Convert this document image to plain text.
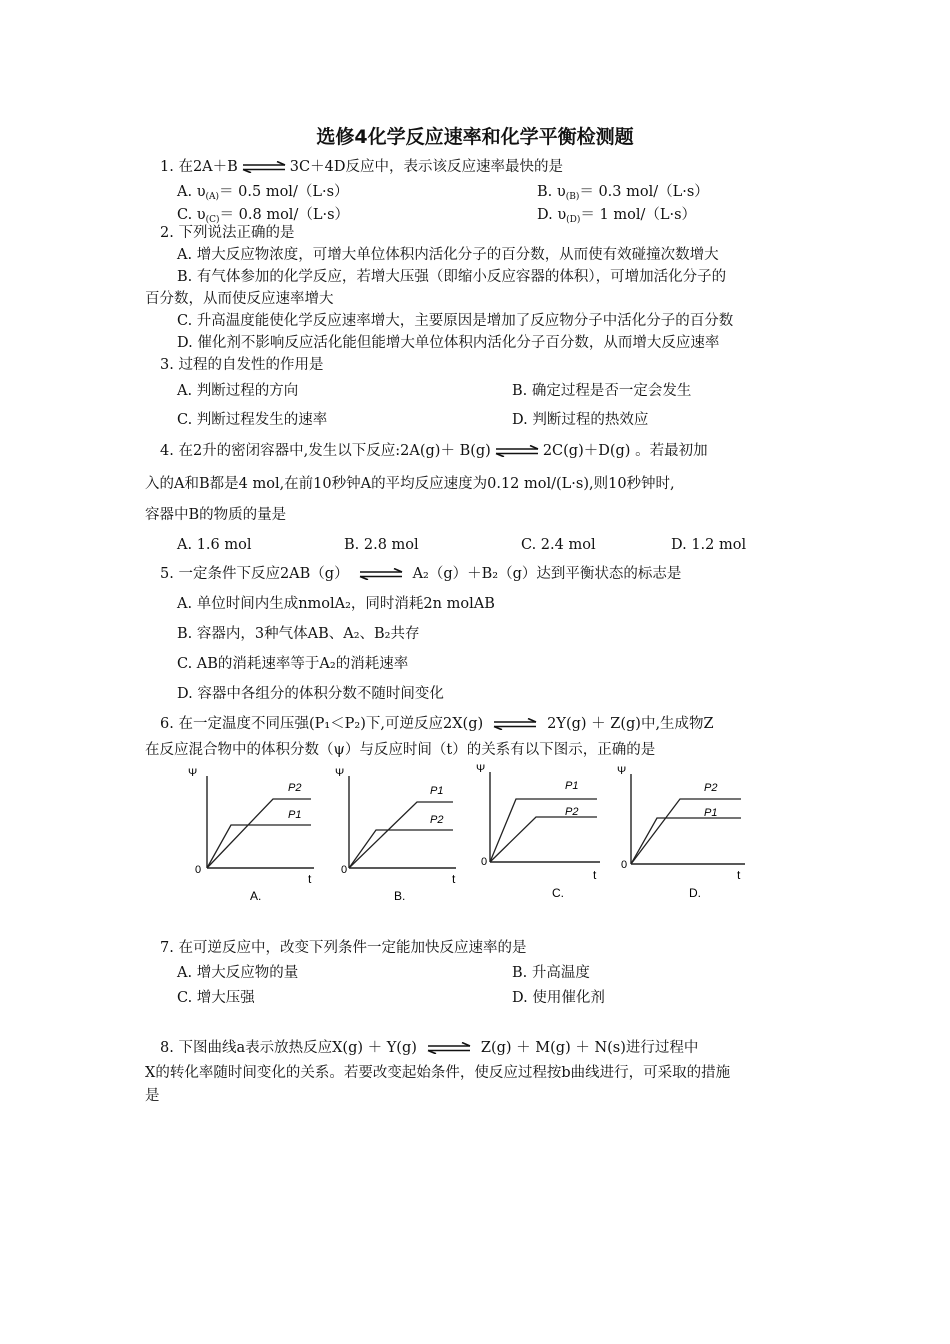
选修4化学反应速率和化学平衡检测题
1. 在2A＋B ⇌ 3C＋4D反应中，表示该反应速率最快的是
A. $\upsilon_{(A)}= 0.5$ mol/（L·s）	B. $\upsilon_{(B)}= 0.3$ mol/（L·s）
C. $\upsilon_{(C)}= 0.8$ mol/（L·s）	D. $\upsilon_{(D)}= 1$ mol/（L·s）
2. 下列说法正确的是
A. 增大反应物浓度，可增大单位体积内活化分子的百分数，从而使有效碰撞次数增大
B. 有气体参加的化学反应，若增大压强（即缩小反应容器的体积），可增加活化分子的
百分数，从而使反应速率增大
C. 升高温度能使化学反应速率增大，主要原因是增加了反应物分子中活化分子的百分数
D. 催化剂不影响反应活化能但能增大单位体积内活化分子百分数，从而增大反应速率
3. 过程的自发性的作用是
A. 判断过程的方向	B. 确定过程是否一定会发生
C. 判断过程发生的速率	D. 判断过程的热效应
4. 在2升的密闭容器中,发生以下反应:2A(g)＋ B(g) ⇌ 2C(g)＋D(g) 。若最初加
入的A和B都是4 mol,在前10秒钟A的平均反应速度为0.12 mol/(L·s),则10秒钟时,
容器中B的物质的量是
A. 1.6 mol	B. 2.8 mol	C. 2.4 mol	D. 1.2 mol
5. 一定条件下反应2AB（g） ⇌ A₂（g）＋B₂（g）达到平衡状态的标志是
A. 单位时间内生成nmolA₂，同时消耗2n molAB
B. 容器内，3种气体AB、A₂、B₂共存
C. AB的消耗速率等于A₂的消耗速率
D. 容器中各组分的体积分数不随时间变化
6. 在一定温度不同压强(P₁＜P₂)下,可逆反应2X(g) ⇌ 2Y(g) ＋ Z(g)中,生成物Z
在反应混合物中的体积分数（ψ）与反应时间（t）的关系有以下图示，正确的是
Ψ
0
t
P2
P1
A.
Ψ
0
t
P1
P2
B.
Ψ
0
t
P1
P2
C.
Ψ
0
t
P2
P1
D.
7. 在可逆反应中，改变下列条件一定能加快反应速率的是
A. 增大反应物的量	B. 升高温度
C. 增大压强	D. 使用催化剂
8. 下图曲线a表示放热反应X(g) ＋ Y(g) ⇌ Z(g) ＋ M(g) ＋ N(s)进行过程中
X的转化率随时间变化的关系。若要改变起始条件，使反应过程按b曲线进行，可采取的措施
是
